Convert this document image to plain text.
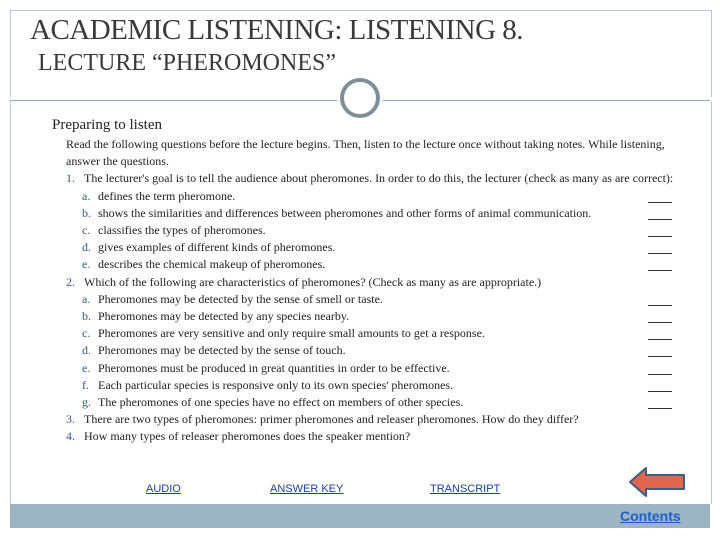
ACADEMIC LISTENING: LISTENING 8.
LECTURE “PHEROMONES”
Preparing to listen
Read the following questions before the lecture begins. Then, listen to the lecture once without taking notes. While listening, answer the questions.
1. The lecturer's goal is to tell the audience about pheromones. In order to do this, the lecturer (check as many as are correct):
a. defines the term pheromone.
b. shows the similarities and differences between pheromones and other forms of animal communication.
c. classifies the types of pheromones.
d. gives examples of different kinds of pheromones.
e. describes the chemical makeup of pheromones.
2. Which of the following are characteristics of pheromones? (Check as many as are appropriate.)
a. Pheromones may be detected by the sense of smell or taste.
b. Pheromones may be detected by any species nearby.
c. Pheromones are very sensitive and only require small amounts to get a response.
d. Pheromones may be detected by the sense of touch.
e. Pheromones must be produced in great quantities in order to be effective.
f. Each particular species is responsive only to its own species' pheromones.
g. The pheromones of one species have no effect on members of other species.
3. There are two types of pheromones: primer pheromones and releaser pheromones. How do they differ?
4. How many types of releaser pheromones does the speaker mention?
AUDIO	ANSWER KEY	TRANSCRIPT
Contents
